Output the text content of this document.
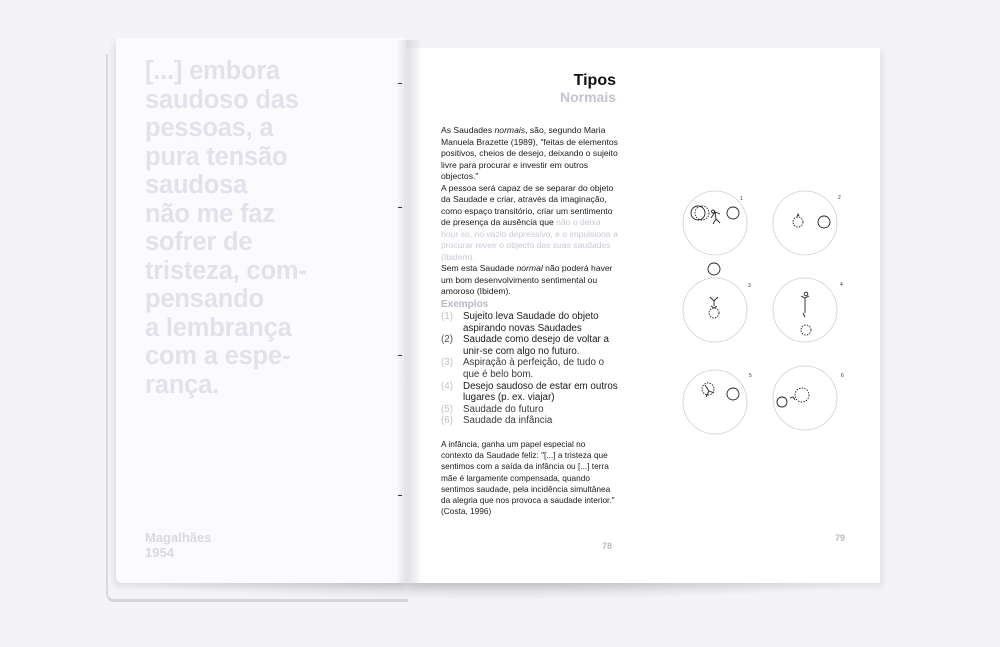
[...] embora
saudoso das
pessoas, a
pura tensão
saudosa
não me faz
sofrer de
tristeza, com-
pensando
a lembrança
com a espe-
rança.
Magalhães
1954
Tipos
Normais
As Saudades normais, são, segundo Maria Manuela Brazette (1989), "feitas de elementos positivos, cheios de desejo, deixando o sujeito livre para procurar e investir em outros objectos."
A pessoa será capaz de se separar do objeto da Saudade e criar, através da imaginação, como espaço transitório, criar um sentimento de presença da ausência que não o deixa hour so, no vazio depressivo, e o impulsiona a procurar reveir o objecto das suas saudades (Ibidem).
Sem esta Saudade normal não poderá haver um bom desenvolvimento sentimental ou amoroso (Ibidem).
Exemplos
(1)	Sujeito leva Saudade do objeto aspirando novas Saudades
(2)	Saudade como desejo de voltar a unir-se com algo no futuro.
(3)	Aspiração à perfeição, de tudo o que é belo bom.
(4)	Desejo saudoso de estar em outros lugares (p. ex. viajar)
(5)	Saudade do futuro
(6)	Saudade da infância
A infância, ganha um papel especial no contexto da Saudade feliz: "[...] a tristeza que sentimos com a saída da infância ou [...] terra mãe é largamente compensada, quando sentimos saudade, pela incidência simultânea da alegria que nos provoca a saudade interior." (Costa, 1996)
78
79
1	2
3	4
5	6
